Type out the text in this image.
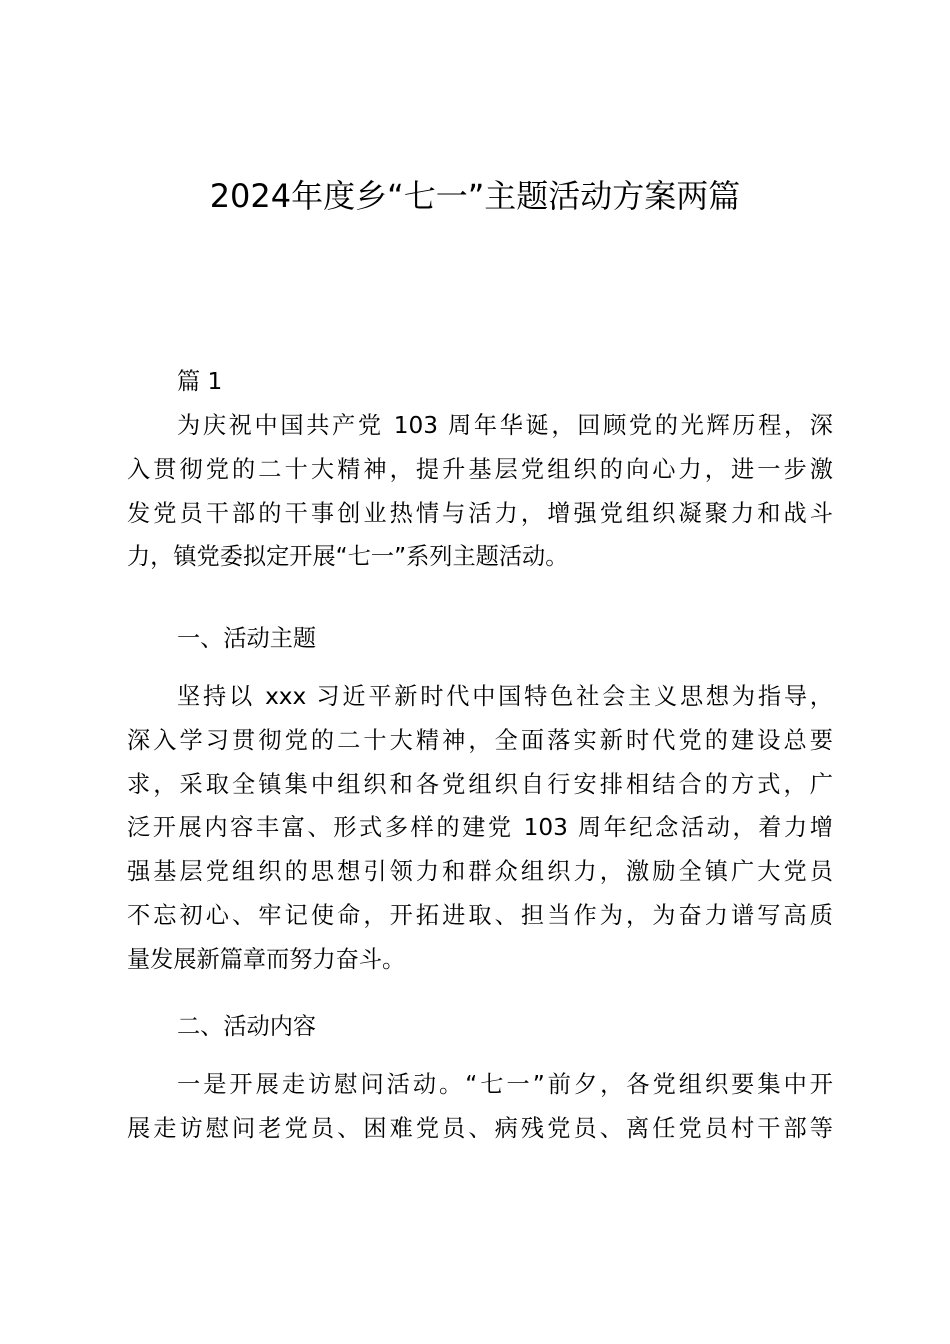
2024年度乡“七一”主题活动方案两篇
篇 1
为庆祝中国共产党 103 周年华诞，回顾党的光辉历程，深
入贯彻党的二十大精神，提升基层党组织的向心力，进一步激
发党员干部的干事创业热情与活力，增强党组织凝聚力和战斗
力，镇党委拟定开展“七一”系列主题活动。
一、活动主题
坚持以 xxx 习近平新时代中国特色社会主义思想为指导，
深入学习贯彻党的二十大精神，全面落实新时代党的建设总要
求，采取全镇集中组织和各党组织自行安排相结合的方式，广
泛开展内容丰富、形式多样的建党 103 周年纪念活动，着力增
强基层党组织的思想引领力和群众组织力，激励全镇广大党员
不忘初心、牢记使命，开拓进取、担当作为，为奋力谱写高质
量发展新篇章而努力奋斗。
二、活动内容
一是开展走访慰问活动。“七一”前夕，各党组织要集中开
展走访慰问老党员、困难党员、病残党员、离任党员村干部等
